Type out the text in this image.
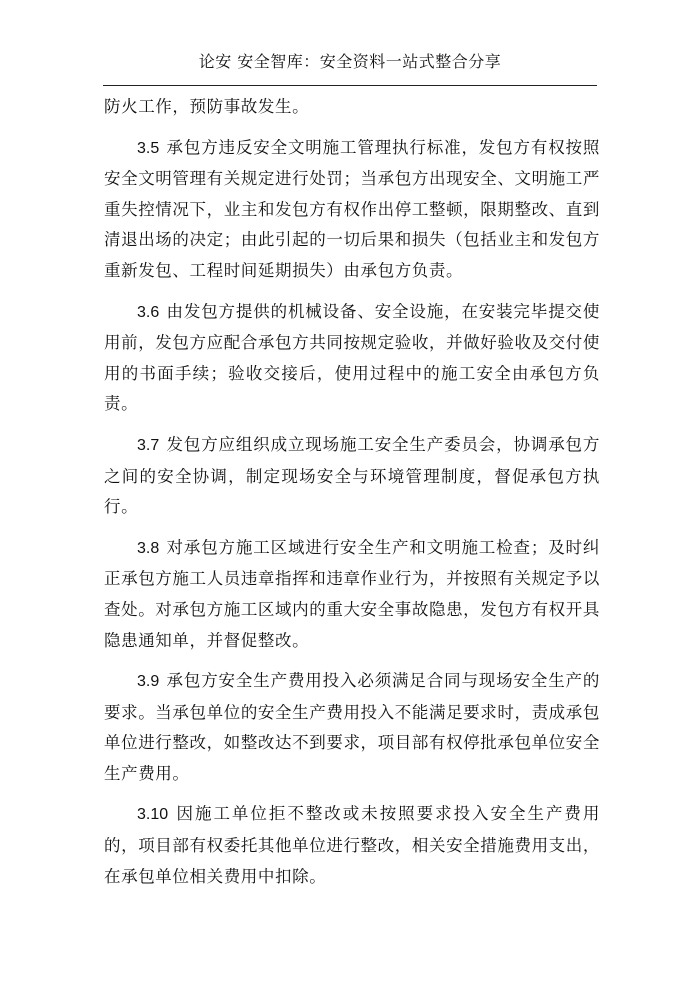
论安 安全智库：安全资料一站式整合分享

防火工作，预防事故发生。

3.5 承包方违反安全文明施工管理执行标准，发包方有权按照安全文明管理有关规定进行处罚；当承包方出现安全、文明施工严重失控情况下，业主和发包方有权作出停工整顿，限期整改、直到清退出场的决定；由此引起的一切后果和损失（包括业主和发包方重新发包、工程时间延期损失）由承包方负责。

3.6 由发包方提供的机械设备、安全设施，在安装完毕提交使用前，发包方应配合承包方共同按规定验收，并做好验收及交付使用的书面手续；验收交接后，使用过程中的施工安全由承包方负责。

3.7 发包方应组织成立现场施工安全生产委员会，协调承包方之间的安全协调，制定现场安全与环境管理制度，督促承包方执行。

3.8 对承包方施工区域进行安全生产和文明施工检查；及时纠正承包方施工人员违章指挥和违章作业行为，并按照有关规定予以查处。对承包方施工区域内的重大安全事故隐患，发包方有权开具隐患通知单，并督促整改。

3.9 承包方安全生产费用投入必须满足合同与现场安全生产的要求。当承包单位的安全生产费用投入不能满足要求时，责成承包单位进行整改，如整改达不到要求，项目部有权停批承包单位安全生产费用。

3.10 因施工单位拒不整改或未按照要求投入安全生产费用的，项目部有权委托其他单位进行整改，相关安全措施费用支出，在承包单位相关费用中扣除。
